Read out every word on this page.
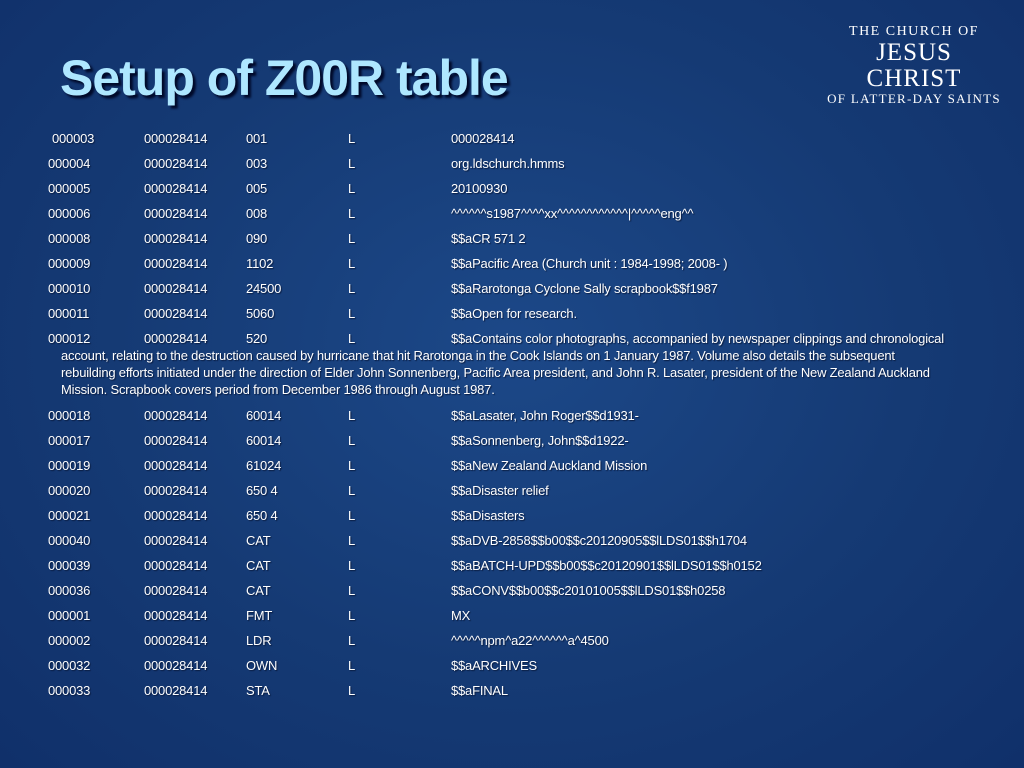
Setup of Z00R table
THE CHURCH OF
JESUS CHRIST
OF LATTER-DAY SAINTS
000003	000028414	001	L	000028414
000004	000028414	003	L	org.ldschurch.hmms
000005	000028414	005	L	20100930
000006	000028414	008	L	^^^^^^s1987^^^^xx^^^^^^^^^^^^|^^^^^eng^^
000008	000028414	090	L	$$aCR 571 2
000009	000028414	1102	L	$$aPacific Area (Church unit : 1984-1998; 2008- )
000010	000028414	24500	L	$$aRarotonga Cyclone Sally scrapbook$$f1987
000011	000028414	5060	L	$$aOpen for research.
000012	000028414	520	L	$$aContains color photographs, accompanied by newspaper clippings and chronological
account, relating to the destruction caused by hurricane that hit Rarotonga in the Cook Islands on 1 January 1987. Volume also details the subsequent rebuilding efforts initiated under the direction of Elder John Sonnenberg, Pacific Area president, and John R. Lasater, president of the New Zealand Auckland Mission. Scrapbook covers period from December 1986 through August 1987.
000018	000028414	60014	L	$$aLasater, John Roger$$d1931-
000017	000028414	60014	L	$$aSonnenberg, John$$d1922-
000019	000028414	61024	L	$$aNew Zealand Auckland Mission
000020	000028414	650 4	L	$$aDisaster relief
000021	000028414	650 4	L	$$aDisasters
000040	000028414	CAT	L	$$aDVB-2858$$b00$$c20120905$$lLDS01$$h1704
000039	000028414	CAT	L	$$aBATCH-UPD$$b00$$c20120901$$lLDS01$$h0152
000036	000028414	CAT	L	$$aCONV$$b00$$c20101005$$lLDS01$$h0258
000001	000028414	FMT	L	MX
000002	000028414	LDR	L	^^^^^npm^a22^^^^^^a^4500
000032	000028414	OWN	L	$$aARCHIVES
000033	000028414	STA	L	$$aFINAL
